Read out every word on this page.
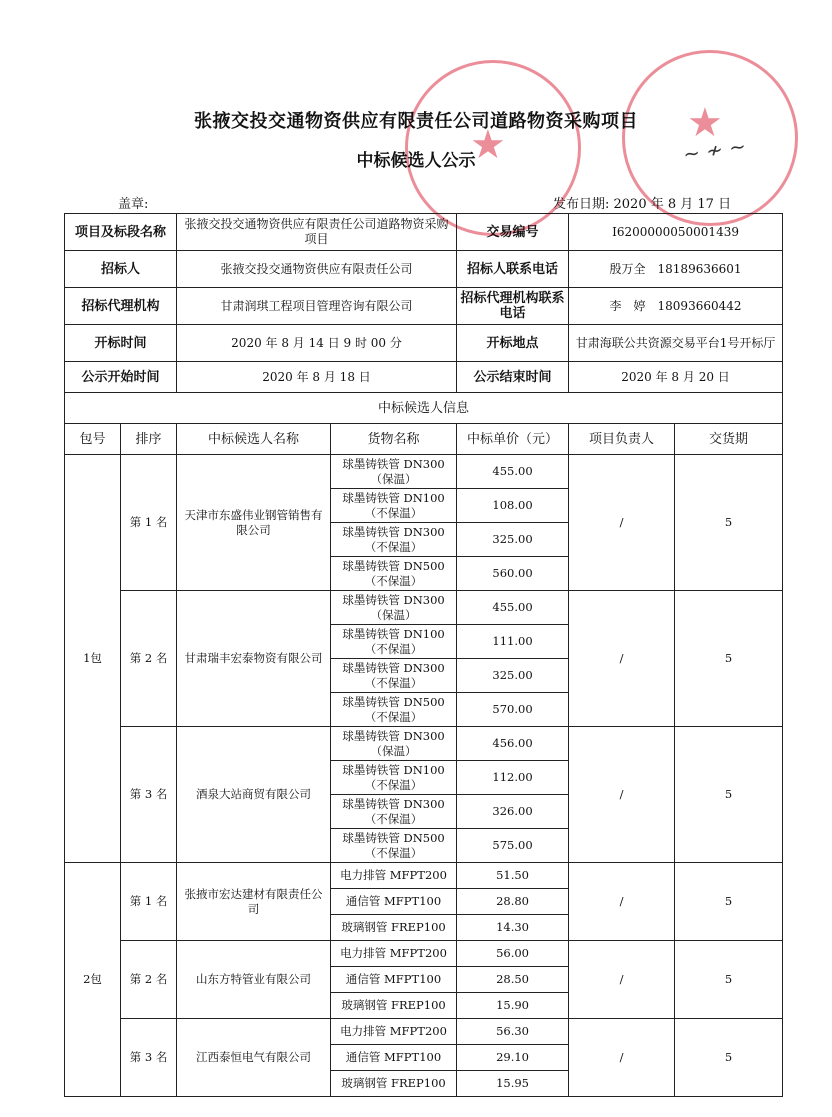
★	★
~ ≁ ~
张掖交投交通物资供应有限责任公司道路物资采购项目
中标候选人公示
盖章:	发布日期: 2020 年 8 月 17 日
项目及标段名称		张掖交投交通物资供应有限责任公司道路物资采购项目		交易编号	I6200000050001439	
招标人		张掖交投交通物资供应有限责任公司		招标人联系电话	殷万全　18189636601	
招标代理机构		甘肃润琪工程项目管理咨询有限公司		招标代理机构联系电话	李　婷　18093660442	
开标时间		2020 年 8 月 14 日 9 时 00 分		开标地点	甘肃海联公共资源交易平台1号开标厅	
公示开始时间		2020 年 8 月 18 日		公示结束时间	2020 年 8 月 20 日	
中标候选人信息						
包号	排序	中标候选人名称	货物名称	中标单价（元）	项目负责人	交货期
1包	第 1 名	天津市东盛伟业钢管销售有限公司	球墨铸铁管 DN300（保温）	455.00	/	5
			球墨铸铁管 DN100（不保温）	108.00		
			球墨铸铁管 DN300（不保温）	325.00		
			球墨铸铁管 DN500（不保温）	560.00		
	第 2 名	甘肃瑞丰宏泰物资有限公司	球墨铸铁管 DN300（保温）	455.00	/	5
			球墨铸铁管 DN100（不保温）	111.00		
			球墨铸铁管 DN300（不保温）	325.00		
			球墨铸铁管 DN500（不保温）	570.00		
	第 3 名	酒泉大站商贸有限公司	球墨铸铁管 DN300（保温）	456.00	/	5
			球墨铸铁管 DN100（不保温）	112.00		
			球墨铸铁管 DN300（不保温）	326.00		
			球墨铸铁管 DN500（不保温）	575.00		
2包	第 1 名	张掖市宏达建材有限责任公司	电力排管 MFPT200	51.50	/	5
			通信管 MFPT100	28.80		
			玻璃钢管 FREP100	14.30		
	第 2 名	山东方特管业有限公司	电力排管 MFPT200	56.00	/	5
			通信管 MFPT100	28.50		
			玻璃钢管 FREP100	15.90		
	第 3 名	江西泰恒电气有限公司	电力排管 MFPT200	56.30	/	5
			通信管 MFPT100	29.10		
			玻璃钢管 FREP100	15.95		
